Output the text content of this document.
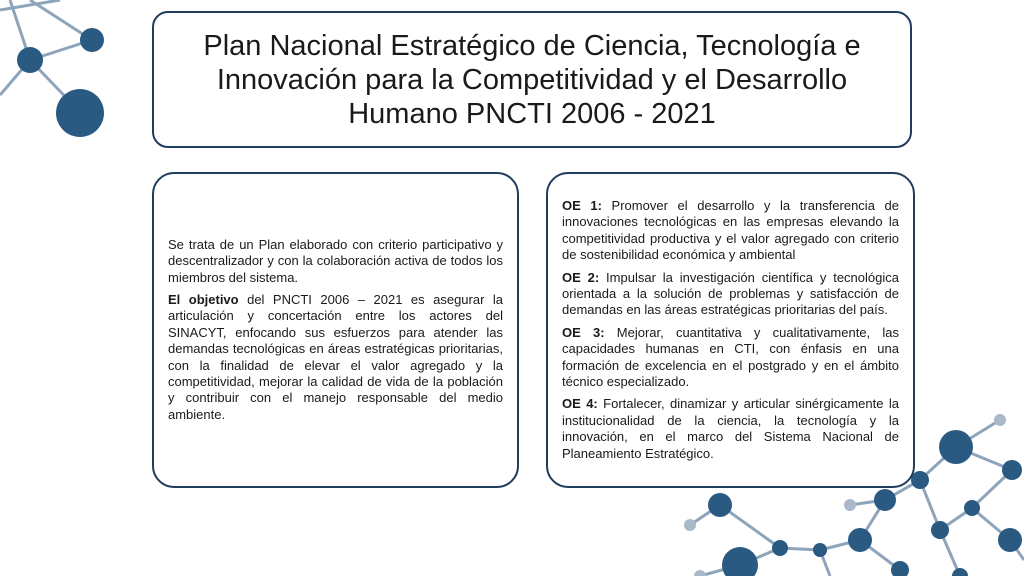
Plan Nacional Estratégico de Ciencia, Tecnología e Innovación para la Competitividad y el Desarrollo Humano PNCTI 2006 - 2021

Se trata de un Plan elaborado con criterio participativo y descentralizador y con la colaboración activa de todos los miembros del sistema.

El objetivo del PNCTI 2006 – 2021 es asegurar la articulación y concertación entre los actores del SINACYT, enfocando sus esfuerzos para atender las demandas tecnológicas en áreas estratégicas prioritarias, con la finalidad de elevar el valor agregado y la competitividad, mejorar la calidad de vida de la población y contribuir con el manejo responsable del medio ambiente.

OE 1: Promover el desarrollo y la transferencia de innovaciones tecnológicas en las empresas elevando la competitividad productiva y el valor agregado con criterio de sostenibilidad económica y ambiental

OE 2: Impulsar la investigación científica y tecnológica orientada a la solución de problemas y satisfacción de demandas en las áreas estratégicas prioritarias del país.

OE 3: Mejorar, cuantitativa y cualitativamente, las capacidades humanas en CTI, con énfasis en una formación de excelencia en el postgrado y en el ámbito técnico especializado.

OE 4: Fortalecer, dinamizar y articular sinérgicamente la institucionalidad de la ciencia, la tecnología y la innovación, en el marco del Sistema Nacional de Planeamiento Estratégico.
